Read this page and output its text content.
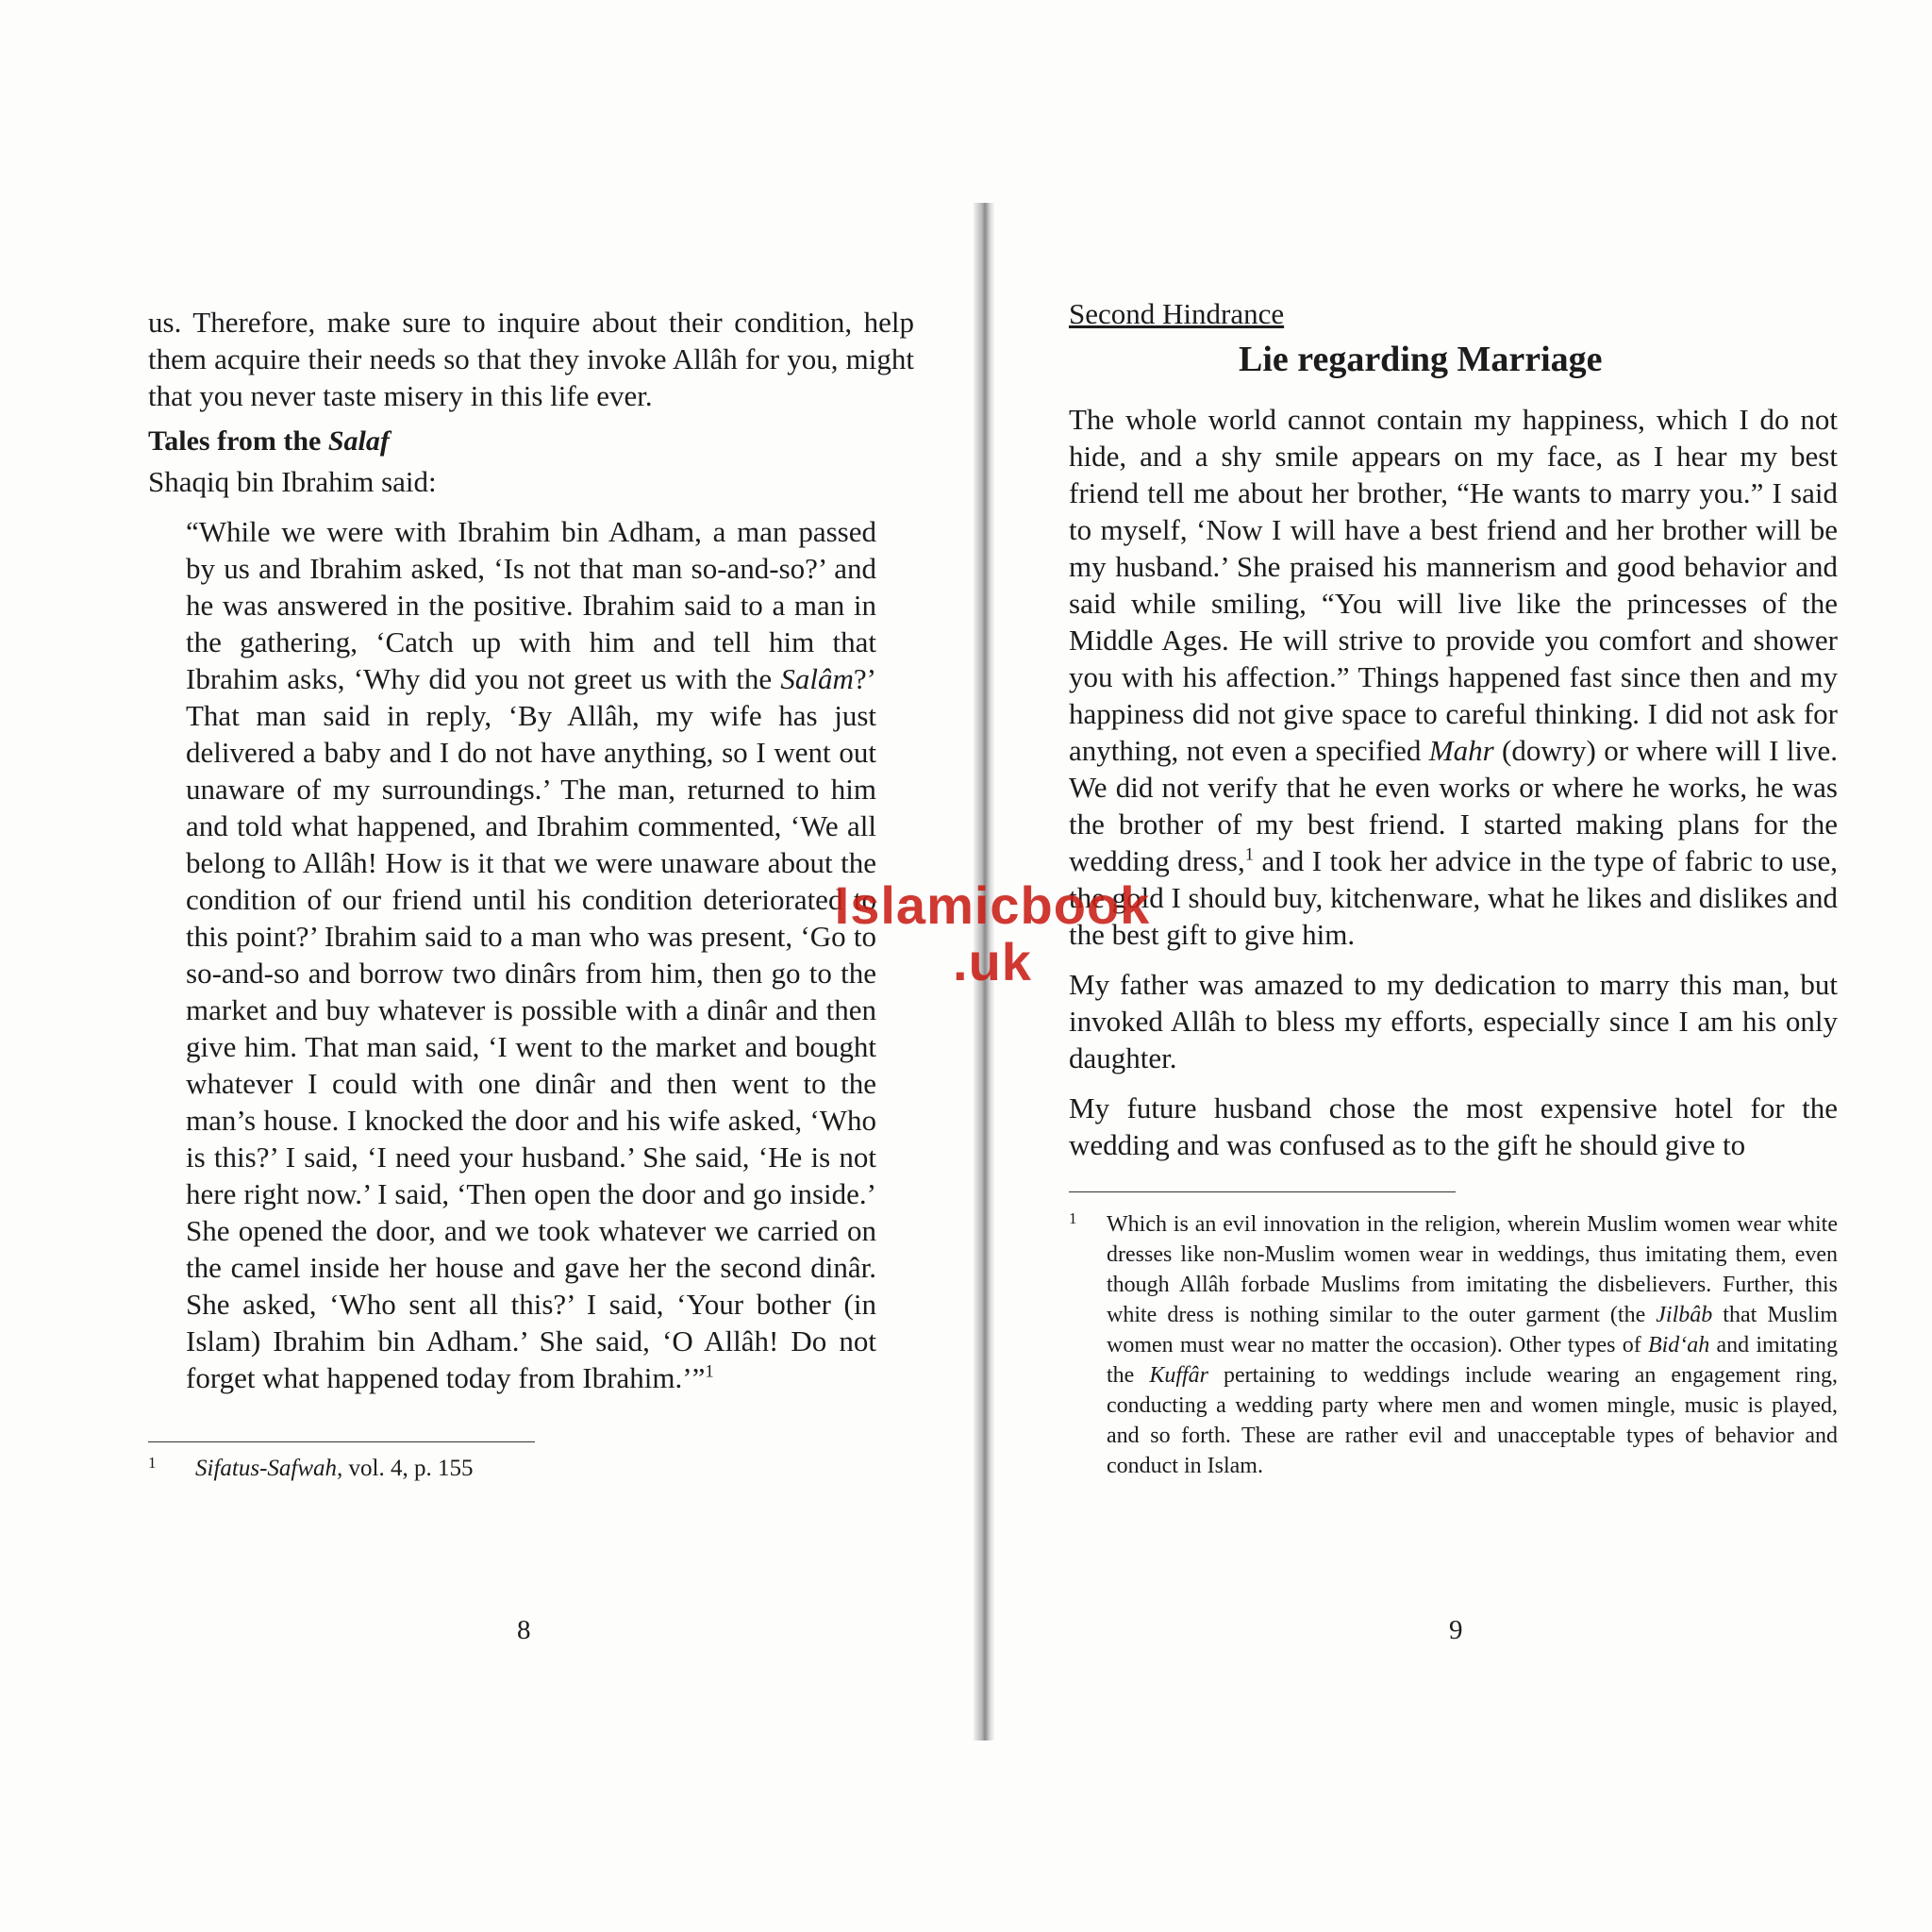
us. Therefore, make sure to inquire about their condition, help them acquire their needs so that they invoke Allâh for you, might that you never taste misery in this life ever.

Tales from the Salaf

Shaqiq bin Ibrahim said:

“While we were with Ibrahim bin Adham, a man passed by us and Ibrahim asked, ‘Is not that man so-and-so?’ and he was answered in the positive. Ibrahim said to a man in the gathering, ‘Catch up with him and tell him that Ibrahim asks, ‘Why did you not greet us with the Salâm?’ That man said in reply, ‘By Allâh, my wife has just delivered a baby and I do not have anything, so I went out unaware of my surroundings.’ The man, returned to him and told what happened, and Ibrahim commented, ‘We all belong to Allâh! How is it that we were unaware about the condition of our friend until his condition deteriorated to this point?’ Ibrahim said to a man who was present, ‘Go to so-and-so and borrow two dinârs from him, then go to the market and buy whatever is possible with a dinâr and then give him. That man said, ‘I went to the market and bought whatever I could with one dinâr and then went to the man’s house. I knocked the door and his wife asked, ‘Who is this?’ I said, ‘I need your husband.’ She said, ‘He is not here right now.’ I said, ‘Then open the door and go inside.’ She opened the door, and we took whatever we carried on the camel inside her house and gave her the second dinâr. She asked, ‘Who sent all this?’ I said, ‘Your bother (in Islam) Ibrahim bin Adham.’ She said, ‘O Allâh! Do not forget what happened today from Ibrahim.’”$^1$

1	Sifatus-Safwah, vol. 4, p. 155

8

Second Hindrance

Lie regarding Marriage

The whole world cannot contain my happiness, which I do not hide, and a shy smile appears on my face, as I hear my best friend tell me about her brother, “He wants to marry you.” I said to myself, ‘Now I will have a best friend and her brother will be my husband.’ She praised his mannerism and good behavior and said while smiling, “You will live like the princesses of the Middle Ages. He will strive to provide you comfort and shower you with his affection.” Things happened fast since then and my happiness did not give space to careful thinking. I did not ask for anything, not even a specified Mahr (dowry) or where will I live. We did not verify that he even works or where he works, he was the brother of my best friend. I started making plans for the wedding dress,$^1$ and I took her advice in the type of fabric to use, the gold I should buy, kitchenware, what he likes and dislikes and the best gift to give him.

My father was amazed to my dedication to marry this man, but invoked Allâh to bless my efforts, especially since I am his only daughter.

My future husband chose the most expensive hotel for the wedding and was confused as to the gift he should give to

1	Which is an evil innovation in the religion, wherein Muslim women wear white dresses like non-Muslim women wear in weddings, thus imitating them, even though Allâh forbade Muslims from imitating the disbelievers. Further, this white dress is nothing similar to the outer garment (the Jilbâb that Muslim women must wear no matter the occasion). Other types of Bid‘ah and imitating the Kuffâr pertaining to weddings include wearing an engagement ring, conducting a wedding party where men and women mingle, music is played, and so forth. These are rather evil and unacceptable types of behavior and conduct in Islam.

9
Islamicbook
.uk
